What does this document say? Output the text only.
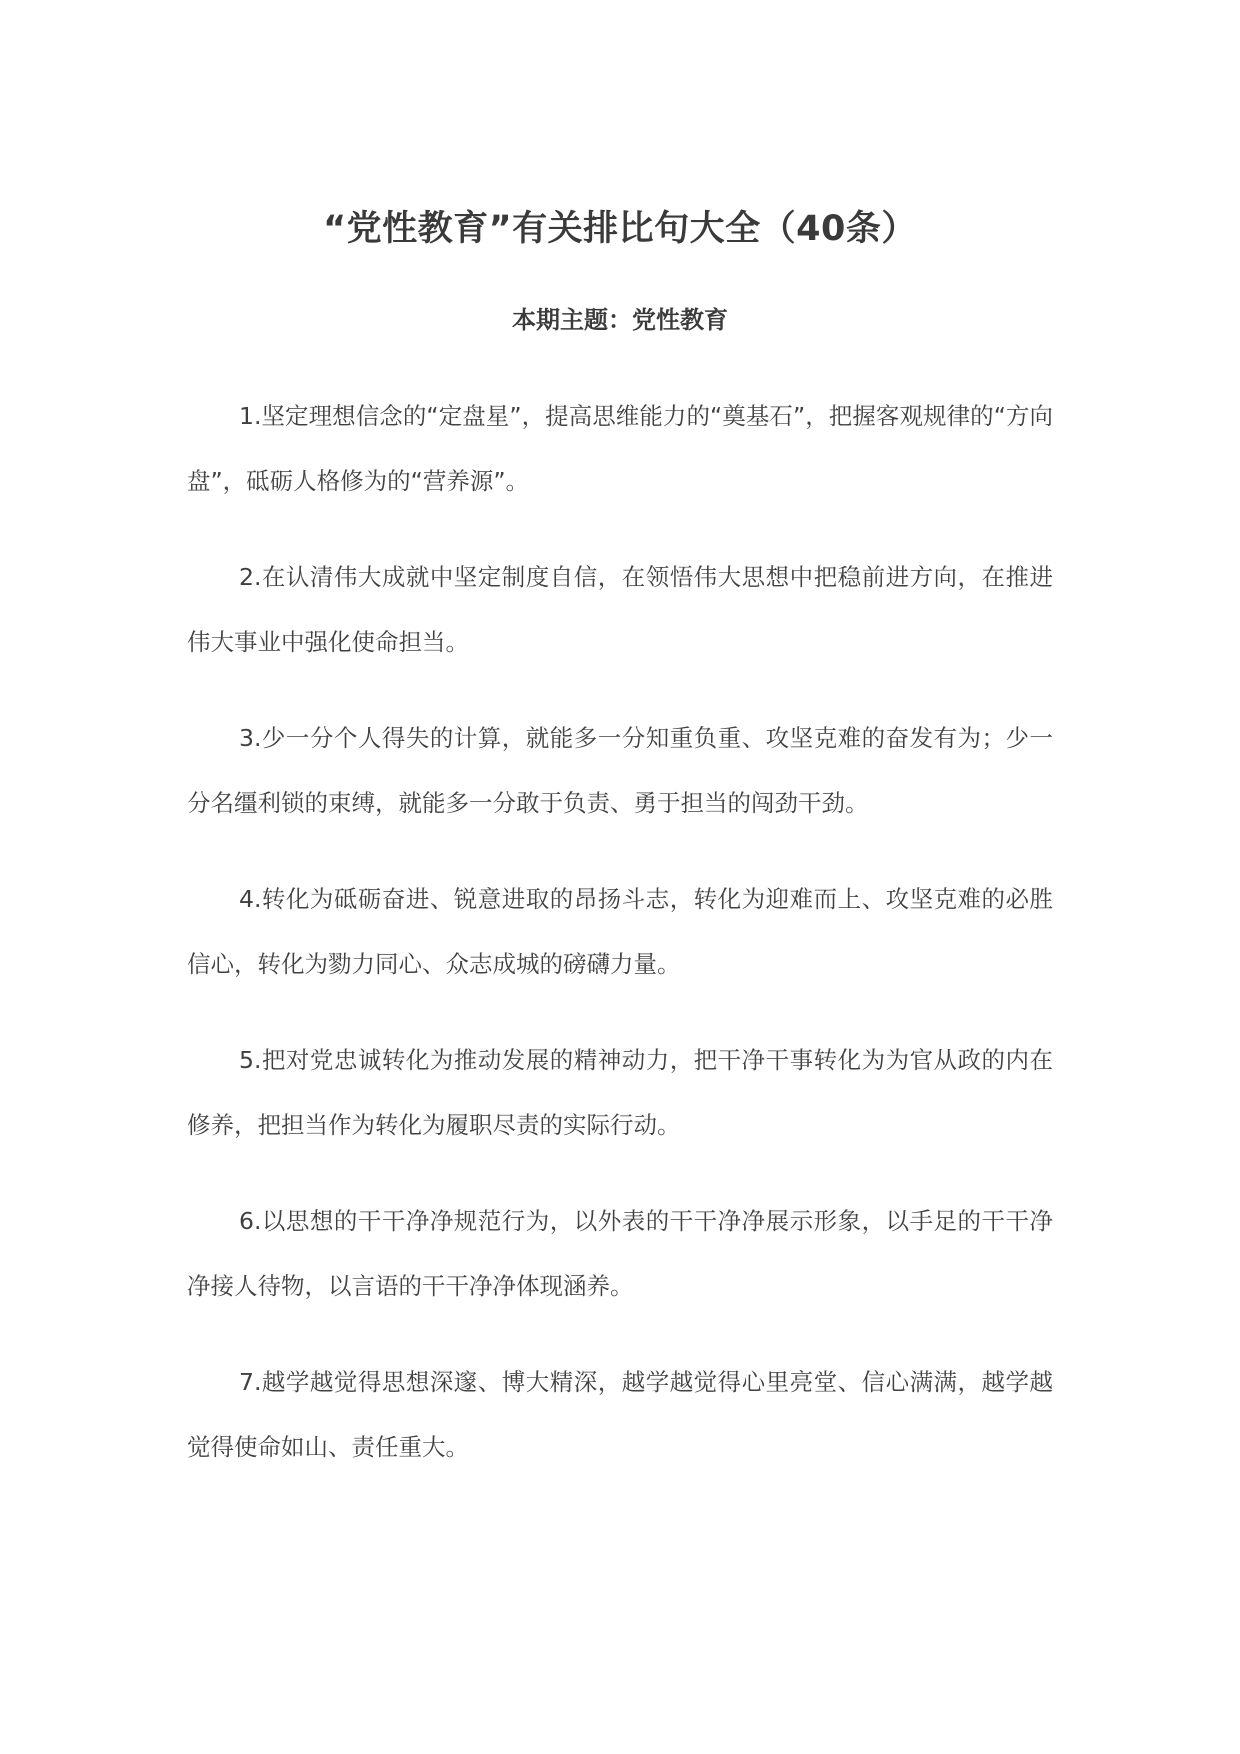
“党性教育”有关排比句大全（40条）
本期主题：党性教育

1.坚定理想信念的“定盘星”，提高思维能力的“奠基石”，把握客观规律的“方向盘”，砥砺人格修为的“营养源”。

2.在认清伟大成就中坚定制度自信，在领悟伟大思想中把稳前进方向，在推进伟大事业中强化使命担当。

3.少一分个人得失的计算，就能多一分知重负重、攻坚克难的奋发有为；少一分名缰利锁的束缚，就能多一分敢于负责、勇于担当的闯劲干劲。

4.转化为砥砺奋进、锐意进取的昂扬斗志，转化为迎难而上、攻坚克难的必胜信心，转化为勠力同心、众志成城的磅礴力量。

5.把对党忠诚转化为推动发展的精神动力，把干净干事转化为为官从政的内在修养，把担当作为转化为履职尽责的实际行动。

6.以思想的干干净净规范行为，以外表的干干净净展示形象，以手足的干干净净接人待物，以言语的干干净净体现涵养。

7.越学越觉得思想深邃、博大精深，越学越觉得心里亮堂、信心满满，越学越觉得使命如山、责任重大。
